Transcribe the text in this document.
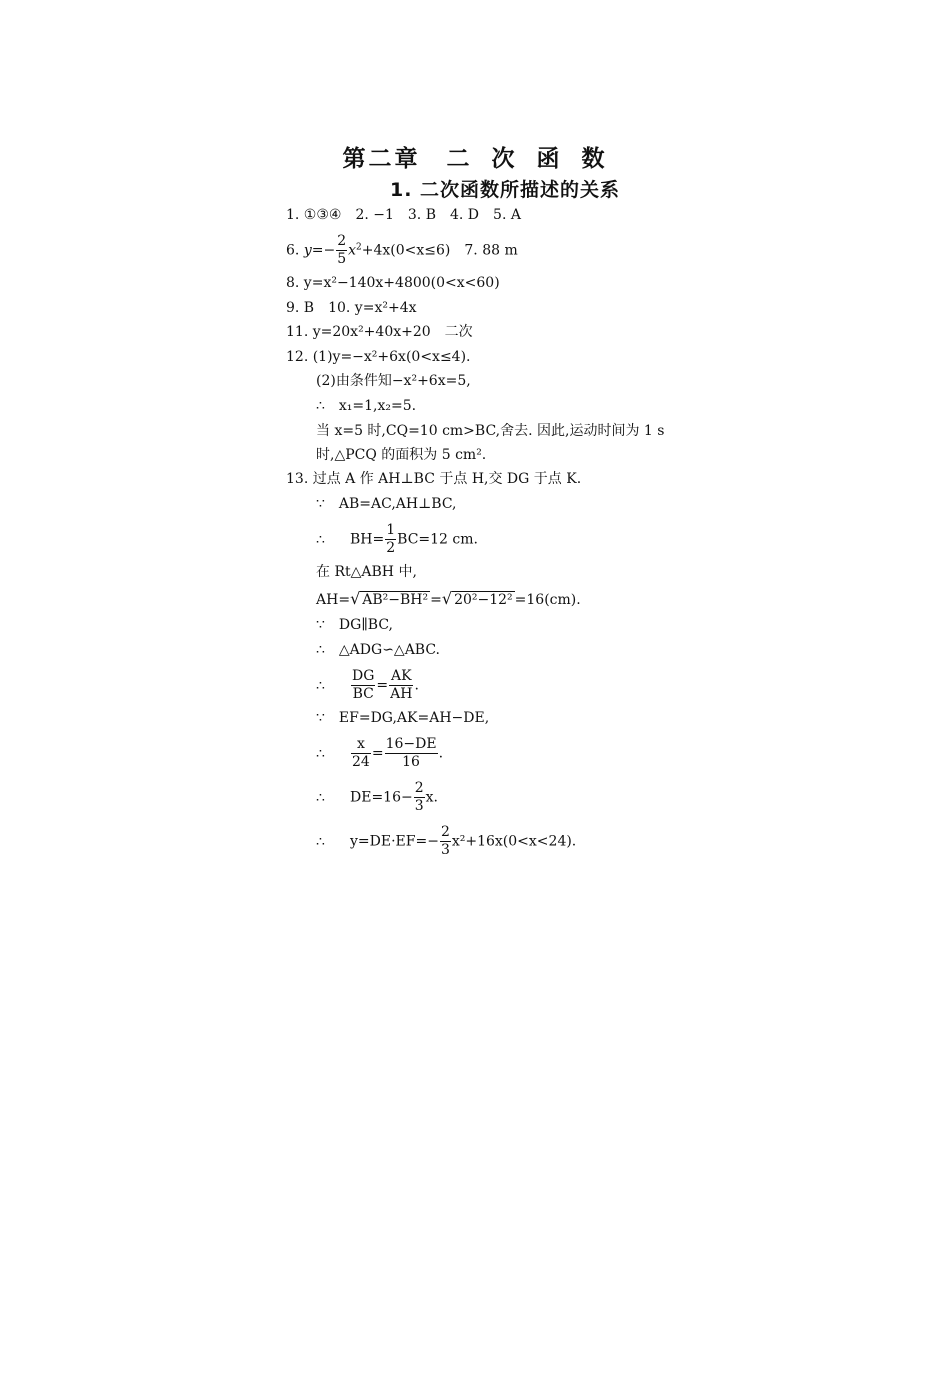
第二章　二 次 函 数
1. 二次函数所描述的关系
1. ①③④　2. −1　3. B　4. D　5. A
6. $y=- \frac{2}{5} x^2+4x(0<x\le 6)$　7. 88 m
8. y=x²−140x+4800(0<x<60)
9. B　10. y=x²+4x
11. y=20x²+40x+20　二次
12. (1)y=−x²+6x(0<x≤4).
(2)由条件知−x²+6x=5,
∴　x₁=1,x₂=5.
当 x=5 时,CQ=10 cm>BC,舍去. 因此,运动时间为 1 s
时,△PCQ 的面积为 5 cm².
13. 过点 A 作 AH⊥BC 于点 H,交 DG 于点 K.
∵　AB=AC,AH⊥BC,
∴ $BH= \frac{1}{2} BC=12$ cm.
在 Rt△ABH 中,
AH=√ AB²−BH² =√ 20²−12² =16(cm).
∵　DG∥BC,
∴　△ADG∽△ABC.
∴ $\frac{DG}{BC} = \frac{AK}{AH}$ .
∵　EF=DG,AK=AH−DE,
∴ $\frac{x}{24} = \frac{16-DE}{16}$ .
∴ $DE=16- \frac{2}{3} x$.
∴ $y=DE\cdot EF=- \frac{2}{3} x^2+16x(0<x<24)$.
